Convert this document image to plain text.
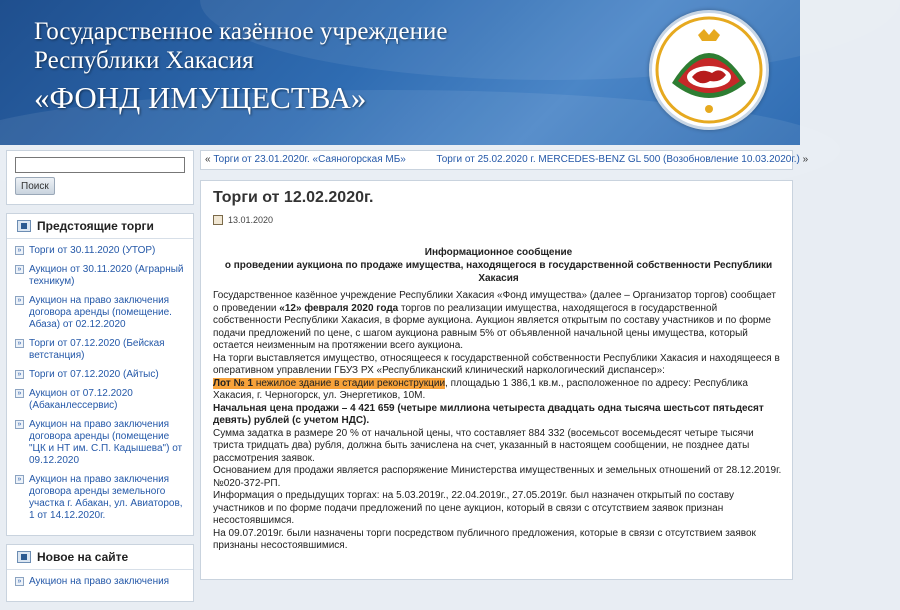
Государственное казённое учреждение
Республики Хакасия
«ФОНД ИМУЩЕСТВА»
Поиск
Предстоящие торги
» Торги от 30.11.2020 (УТОР)
» Аукцион от 30.11.2020 (Аграрный техникум)
» Аукцион на право заключения договора аренды (помещение. Абаза) от 02.12.2020
» Торги от 07.12.2020 (Бейская ветстанция)
» Торги от 07.12.2020 (Айтыс)
» Аукцион от 07.12.2020 (Абаканлессервис)
» Аукцион на право заключения договора аренды (помещение "ЦК и НТ им. С.П. Кадышева") от 09.12.2020
» Аукцион на право заключения договора аренды земельного участка г. Абакан, ул. Авиаторов, 1 от 14.12.2020г.
Новое на сайте
» Аукцион на право заключения
« Торги от 23.01.2020г. «Саяногорская МБ»	Торги от 25.02.2020 г. MERCEDES-BENZ GL 500 (Возобновление 10.03.2020г.) »
Торги от 12.02.2020г.
13.01.2020
Информационное сообщение
о проведении аукциона по продаже имущества, находящегося в государственной собственности Республики Хакасия
Государственное казённое учреждение Республики Хакасия «Фонд имущества» (далее – Организатор торгов) сообщает о проведении «12» февраля 2020 года торгов по реализации имущества, находящегося в государственной собственности Республики Хакасия, в форме аукциона. Аукцион является открытым по составу участников и по форме подачи предложений по цене, с шагом аукциона равным 5% от объявленной начальной цены имущества, который остается неизменным на протяжении всего аукциона.
На торги выставляется имущество, относящееся к государственной собственности Республики Хакасия и находящееся в оперативном управлении ГБУЗ РХ «Республиканский клинический наркологический диспансер»:
Лот № 1 нежилое здание в стадии реконструкции, площадью 1 386,1 кв.м., расположенное по адресу: Республика Хакасия, г. Черногорск, ул. Энергетиков, 10М.
Начальная цена продажи – 4 421 659 (четыре миллиона четыреста двадцать одна тысяча шестьсот пятьдесят девять) рублей (с учетом НДС).
Сумма задатка в размере 20 % от начальной цены, что составляет 884 332 (восемьсот восемьдесят четыре тысячи триста тридцать два) рубля, должна быть зачислена на счет, указанный в настоящем сообщении, не позднее даты рассмотрения заявок.
Основанием для продажи является распоряжение Министерства имущественных и земельных отношений от 28.12.2019г. №020-372-РП.
Информация о предыдущих торгах: на 5.03.2019г., 22.04.2019г., 27.05.2019г. был назначен открытый по составу участников и по форме подачи предложений по цене аукцион, который в связи с отсутствием заявок признан несостоявшимся.
На 09.07.2019г. были назначены торги посредством публичного предложения, которые в связи с отсутствием заявок признаны несостоявшимися.
